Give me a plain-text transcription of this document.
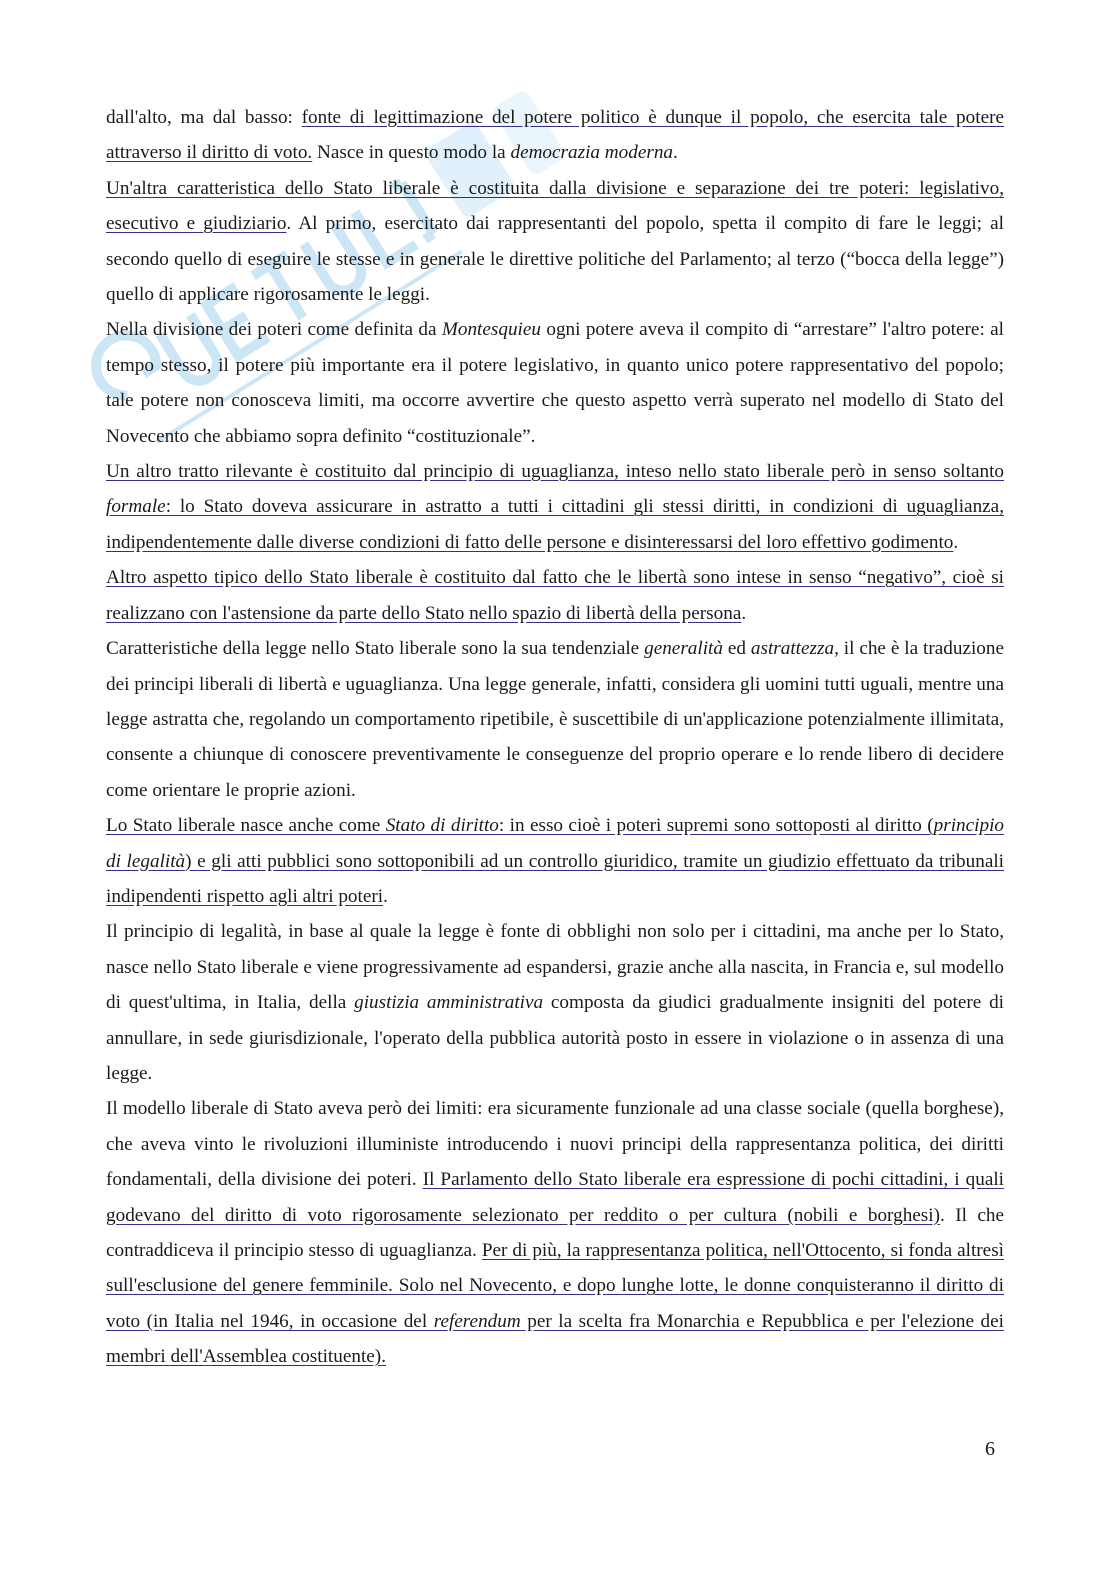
dall'alto, ma dal basso: fonte di legittimazione del potere politico è dunque il popolo, che esercita tale potere attraverso il diritto di voto. Nasce in questo modo la democrazia moderna.

Un'altra caratteristica dello Stato liberale è costituita dalla divisione e separazione dei tre poteri: legislativo, esecutivo e giudiziario. Al primo, esercitato dai rappresentanti del popolo, spetta il compito di fare le leggi; al secondo quello di eseguire le stesse e in generale le direttive politiche del Parlamento; al terzo (“bocca della legge”) quello di applicare rigorosamente le leggi.

Nella divisione dei poteri come definita da Montesquieu ogni potere aveva il compito di “arrestare” l'altro potere: al tempo stesso, il potere più importante era il potere legislativo, in quanto unico potere rappresentativo del popolo; tale potere non conosceva limiti, ma occorre avvertire che questo aspetto verrà superato nel modello di Stato del Novecento che abbiamo sopra definito “costituzionale”.

Un altro tratto rilevante è costituito dal principio di uguaglianza, inteso nello stato liberale però in senso soltanto formale: lo Stato doveva assicurare in astratto a tutti i cittadini gli stessi diritti, in condizioni di uguaglianza, indipendentemente dalle diverse condizioni di fatto delle persone e disinteressarsi del loro effettivo godimento.

Altro aspetto tipico dello Stato liberale è costituito dal fatto che le libertà sono intese in senso “negativo”, cioè si realizzano con l'astensione da parte dello Stato nello spazio di libertà della persona.

Caratteristiche della legge nello Stato liberale sono la sua tendenziale generalità ed astrattezza, il che è la traduzione dei principi liberali di libertà e uguaglianza. Una legge generale, infatti, considera gli uomini tutti uguali, mentre una legge astratta che, regolando un comportamento ripetibile, è suscettibile di un'applicazione potenzialmente illimitata, consente a chiunque di conoscere preventivamente le conseguenze del proprio operare e lo rende libero di decidere come orientare le proprie azioni.

Lo Stato liberale nasce anche come Stato di diritto: in esso cioè i poteri supremi sono sottoposti al diritto (principio di legalità) e gli atti pubblici sono sottoponibili ad un controllo giuridico, tramite un giudizio effettuato da tribunali indipendenti rispetto agli altri poteri.

Il principio di legalità, in base al quale la legge è fonte di obblighi non solo per i cittadini, ma anche per lo Stato, nasce nello Stato liberale e viene progressivamente ad espandersi, grazie anche alla nascita, in Francia e, sul modello di quest'ultima, in Italia, della giustizia amministrativa composta da giudici gradualmente insigniti del potere di annullare, in sede giurisdizionale, l'operato della pubblica autorità posto in essere in violazione o in assenza di una legge.

Il modello liberale di Stato aveva però dei limiti: era sicuramente funzionale ad una classe sociale (quella borghese), che aveva vinto le rivoluzioni illuministe introducendo i nuovi principi della rappresentanza politica, dei diritti fondamentali, della divisione dei poteri. Il Parlamento dello Stato liberale era espressione di pochi cittadini, i quali godevano del diritto di voto rigorosamente selezionato per reddito o per cultura (nobili e borghesi). Il che contraddiceva il principio stesso di uguaglianza. Per di più, la rappresentanza politica, nell'Ottocento, si fonda altresì sull'esclusione del genere femminile. Solo nel Novecento, e dopo lunghe lotte, le donne conquisteranno il diritto di voto (in Italia nel 1946, in occasione del referendum per la scelta fra Monarchia e Repubblica e per l'elezione dei membri dell'Assemblea costituente).

6
